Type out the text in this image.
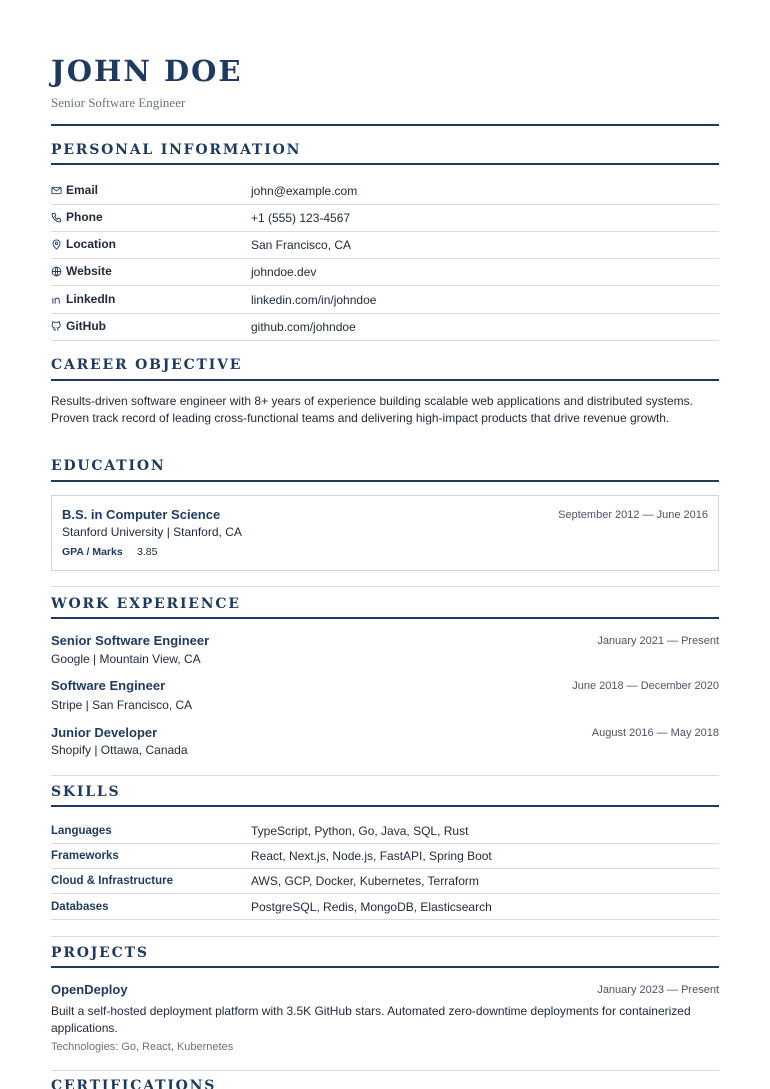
JOHN DOE
Senior Software Engineer
PERSONAL INFORMATION
Email	john@example.com
Phone	+1 (555) 123-4567
Location	San Francisco, CA
Website	johndoe.dev
LinkedIn	linkedin.com/in/johndoe
GitHub	github.com/johndoe
CAREER OBJECTIVE
Results-driven software engineer with 8+ years of experience building scalable web applications and distributed systems. Proven track record of leading cross-functional teams and delivering high-impact products that drive revenue growth.
EDUCATION
B.S. in Computer Science	September 2012 — June 2016
Stanford University | Stanford, CA
GPA / Marks 3.85
WORK EXPERIENCE
Senior Software Engineer	January 2021 — Present
Google | Mountain View, CA
Software Engineer	June 2018 — December 2020
Stripe | San Francisco, CA
Junior Developer	August 2016 — May 2018
Shopify | Ottawa, Canada
SKILLS
Languages	TypeScript, Python, Go, Java, SQL, Rust
Frameworks	React, Next.js, Node.js, FastAPI, Spring Boot
Cloud & Infrastructure	AWS, GCP, Docker, Kubernetes, Terraform
Databases	PostgreSQL, Redis, MongoDB, Elasticsearch
PROJECTS
OpenDeploy	January 2023 — Present
Built a self-hosted deployment platform with 3.5K GitHub stars. Automated zero-downtime deployments for containerized applications.
Technologies: Go, React, Kubernetes
CERTIFICATIONS
